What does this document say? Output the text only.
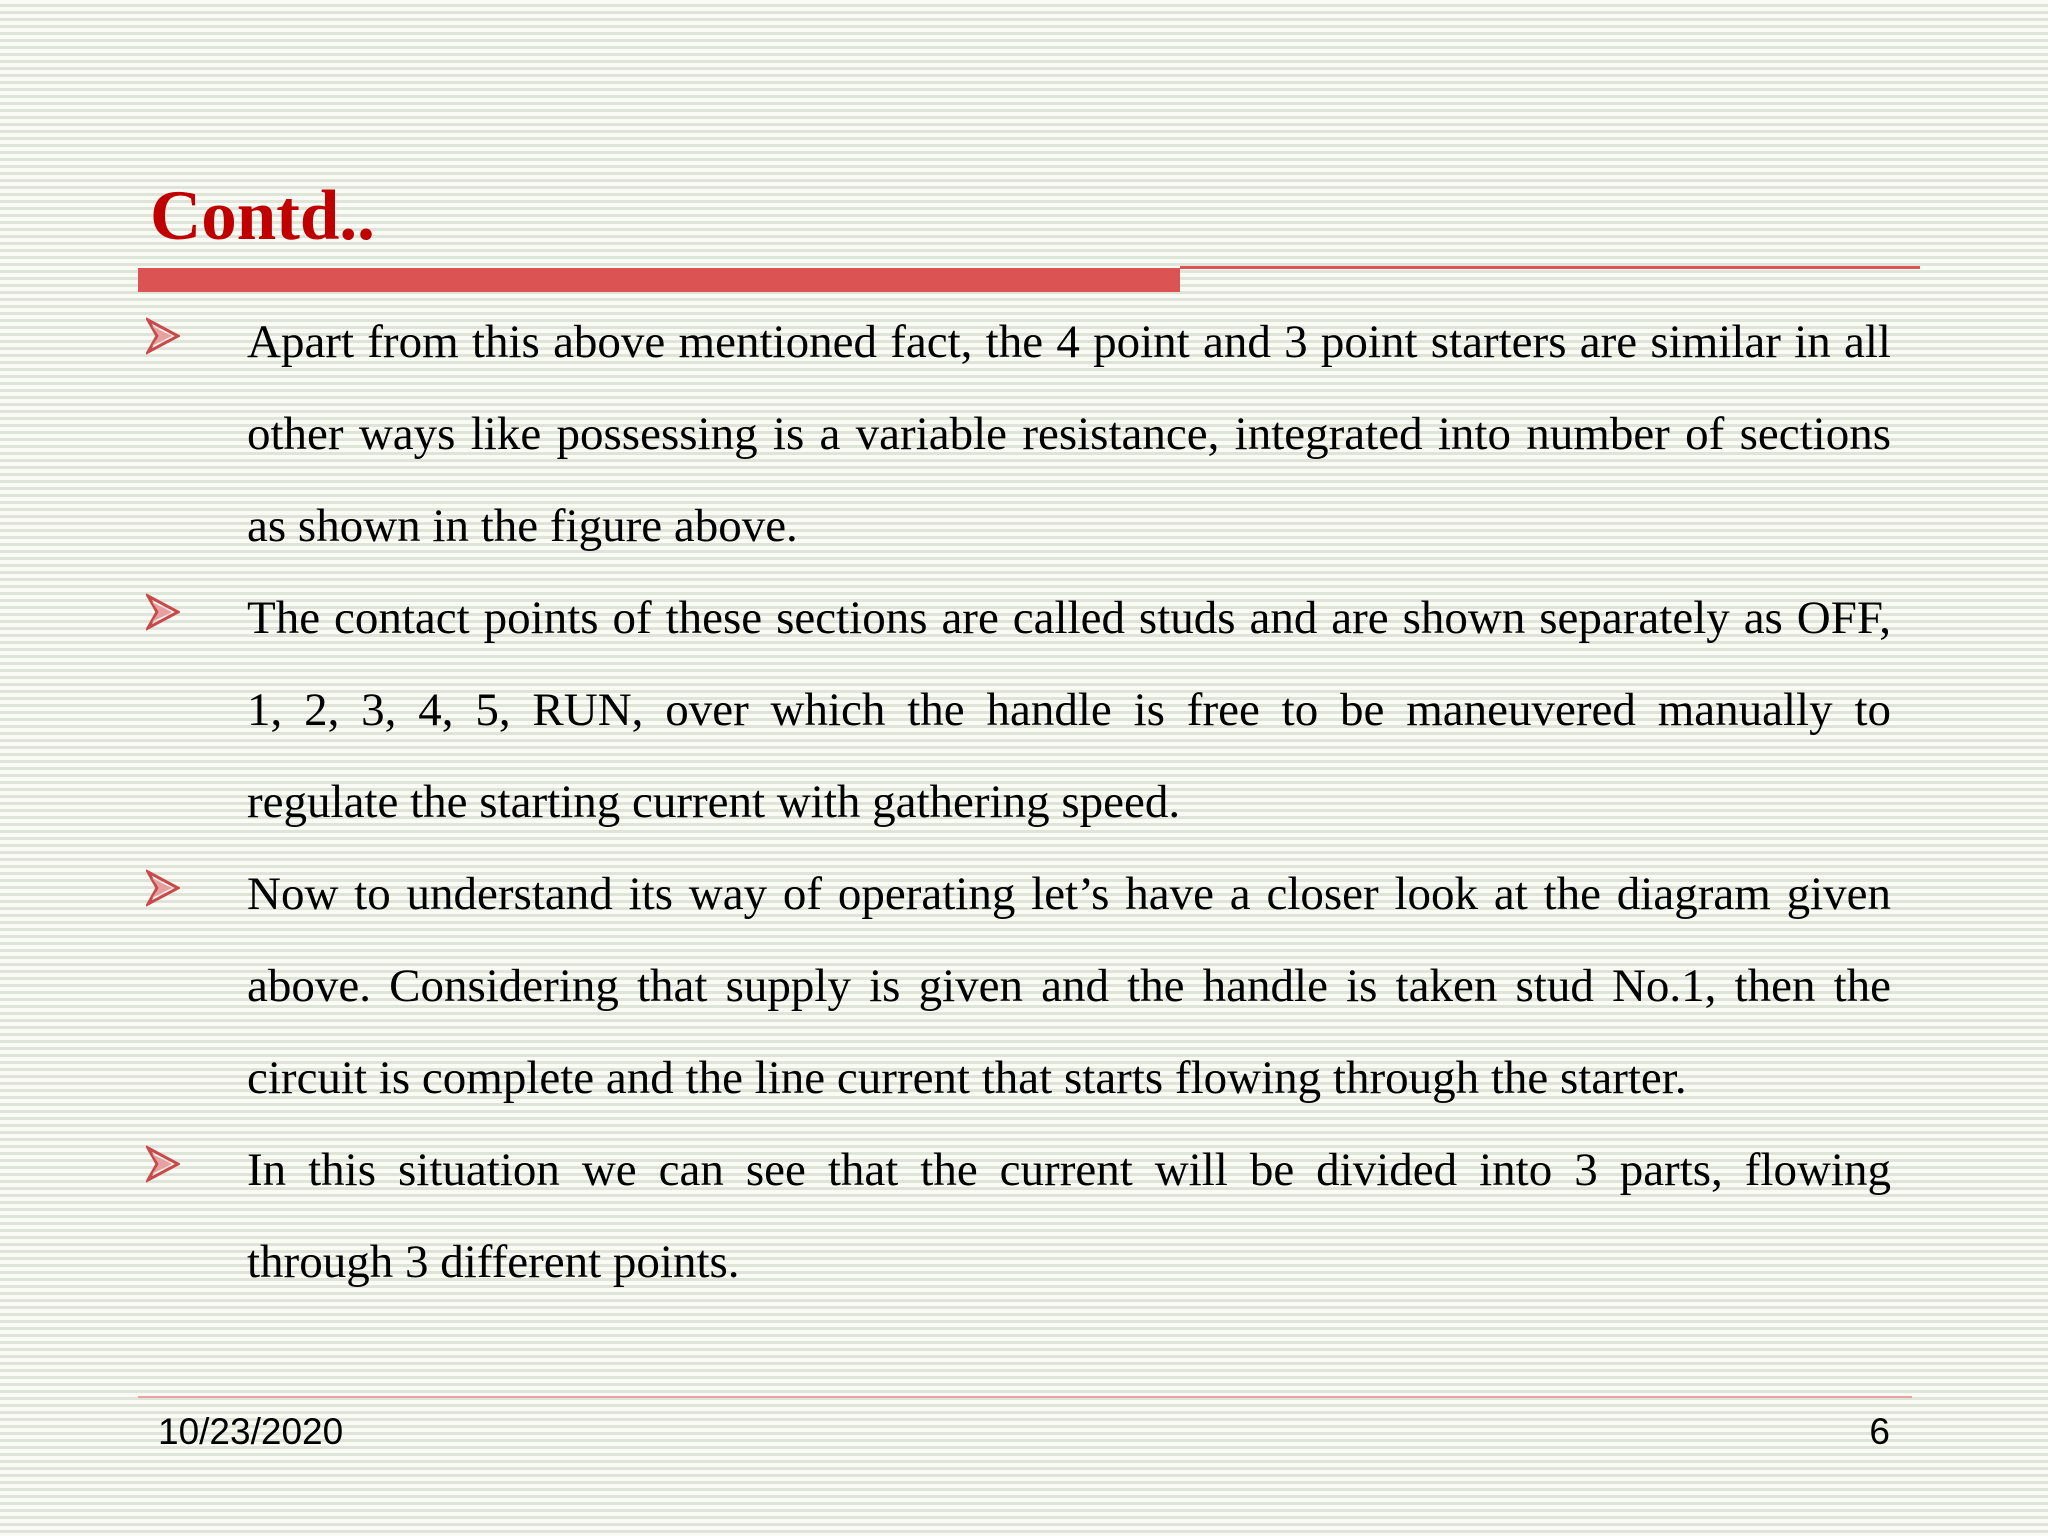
Contd..
Apart from this above mentioned fact, the 4 point and 3 point starters are similar in all other ways like possessing is a variable resistance, integrated into number of sections as shown in the figure above.
The contact points of these sections are called studs and are shown separately as OFF, 1, 2, 3, 4, 5, RUN, over which the handle is free to be maneuvered manually to regulate the starting current with gathering speed.
Now to understand its way of operating let’s have a closer look at the diagram given above. Considering that supply is given and the handle is taken stud No.1, then the circuit is complete and the line current that starts flowing through the starter.
In this situation we can see that the current will be divided into 3 parts, flowing through 3 different points.
10/23/2020	6
